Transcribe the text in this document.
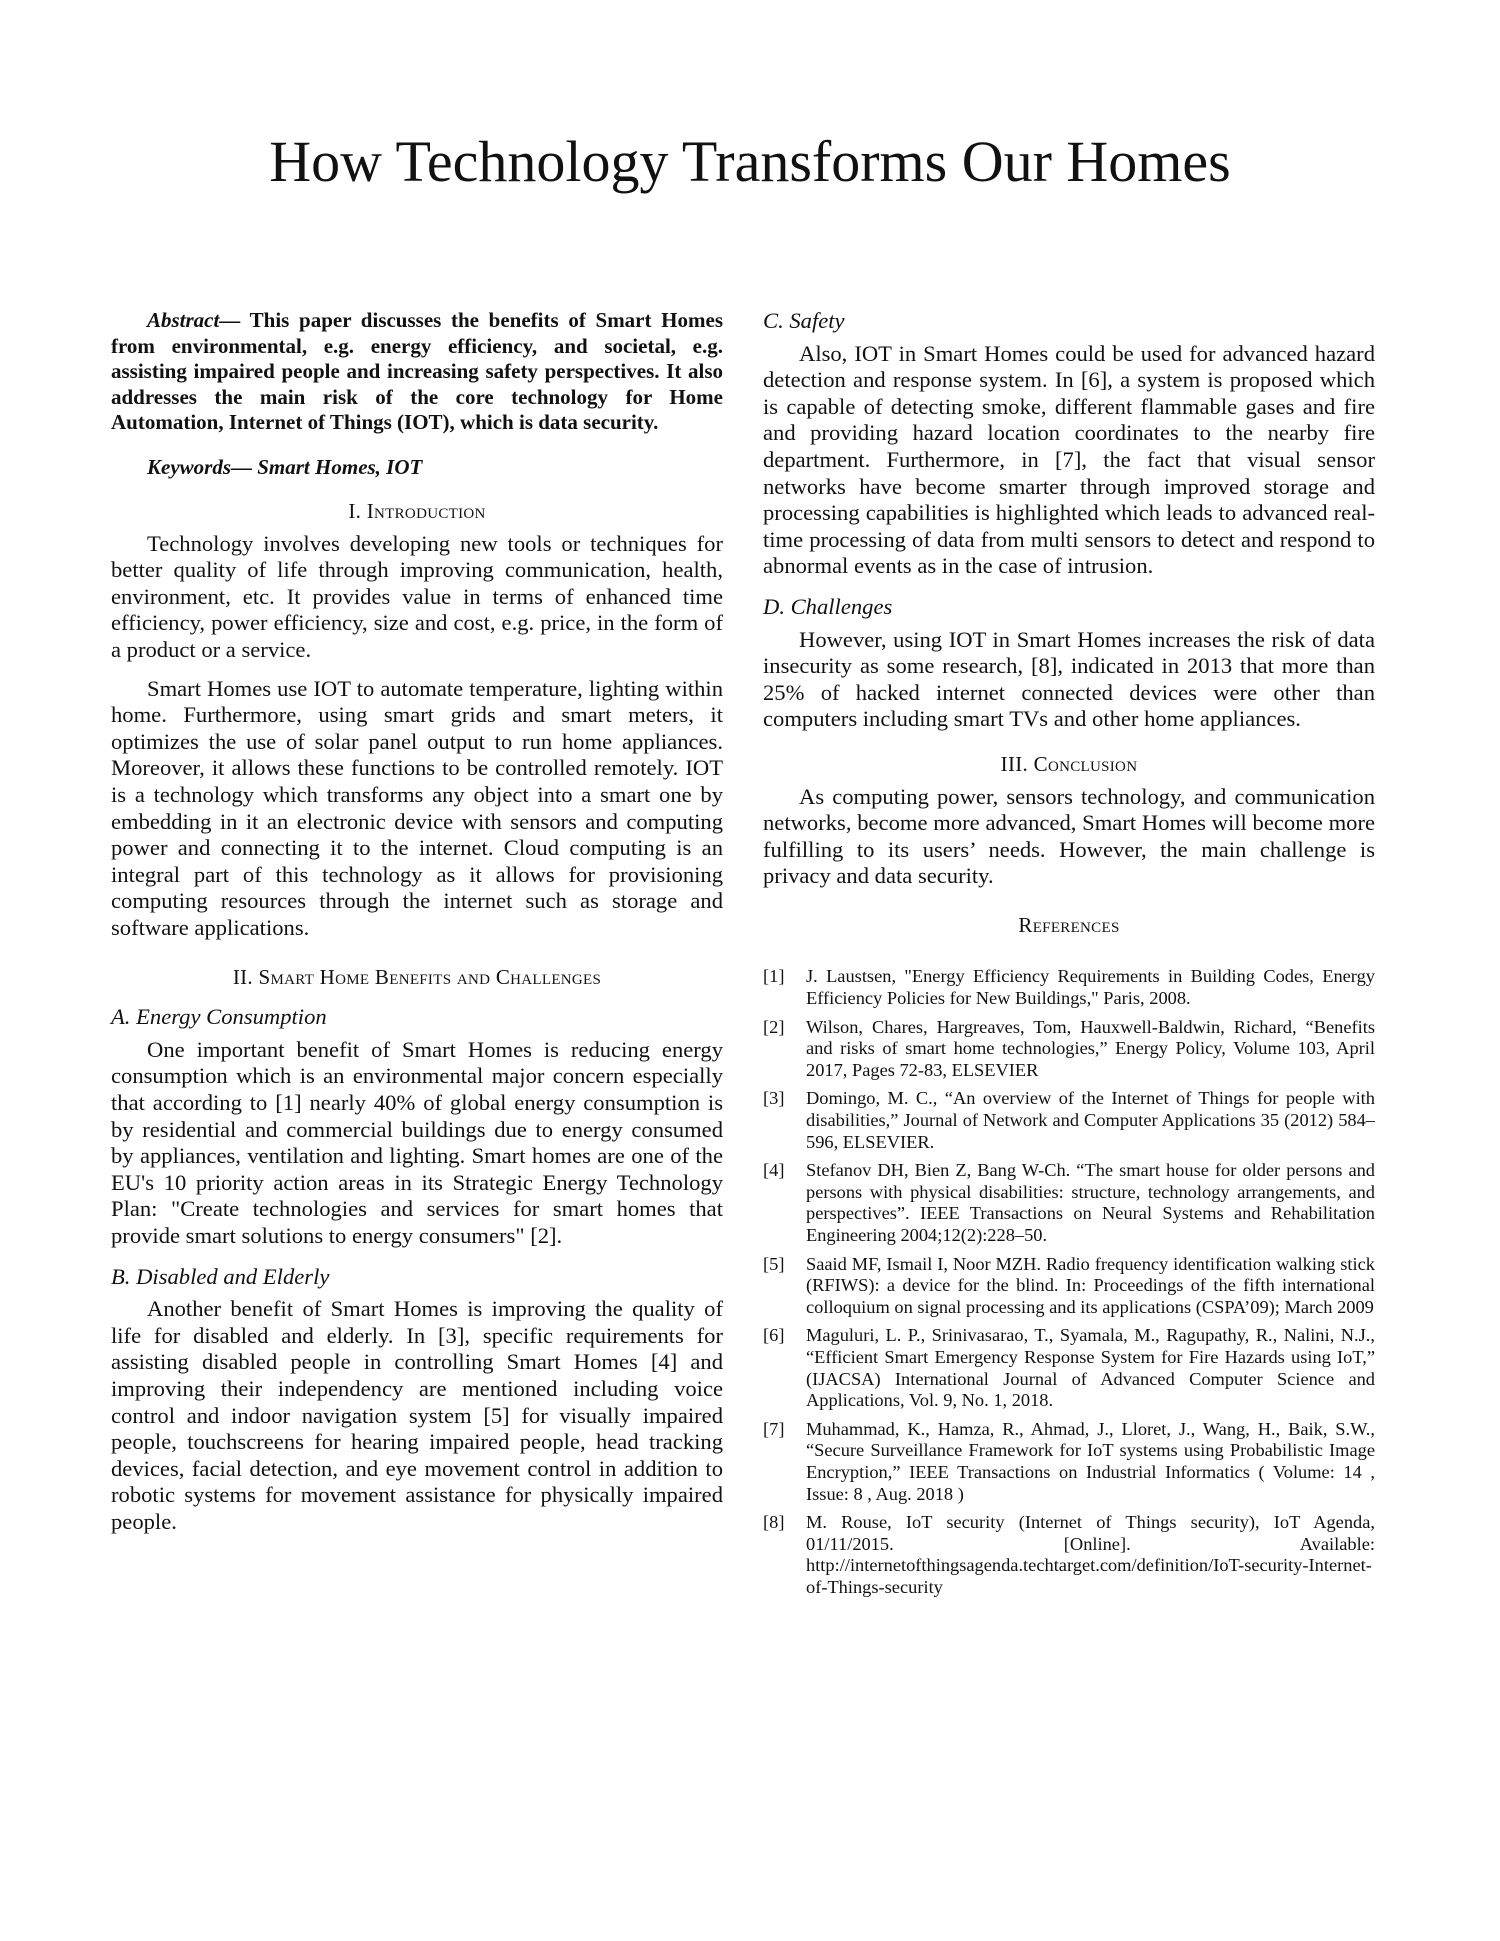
How Technology Transforms Our Homes

Abstract— This paper discusses the benefits of Smart Homes from environmental, e.g. energy efficiency, and societal, e.g. assisting impaired people and increasing safety perspectives. It also addresses the main risk of the core technology for Home Automation, Internet of Things (IOT), which is data security.

Keywords— Smart Homes, IOT

I. Introduction

Technology involves developing new tools or techniques for better quality of life through improving communication, health, environment, etc. It provides value in terms of enhanced time efficiency, power efficiency, size and cost, e.g. price, in the form of a product or a service.

Smart Homes use IOT to automate temperature, lighting within home. Furthermore, using smart grids and smart meters, it optimizes the use of solar panel output to run home appliances. Moreover, it allows these functions to be controlled remotely. IOT is a technology which transforms any object into a smart one by embedding in it an electronic device with sensors and computing power and connecting it to the internet. Cloud computing is an integral part of this technology as it allows for provisioning computing resources through the internet such as storage and software applications.

II. Smart Home Benefits and Challenges
A. Energy Consumption

One important benefit of Smart Homes is reducing energy consumption which is an environmental major concern especially that according to [1] nearly 40% of global energy consumption is by residential and commercial buildings due to energy consumed by appliances, ventilation and lighting. Smart homes are one of the EU's 10 priority action areas in its Strategic Energy Technology Plan: "Create technologies and services for smart homes that provide smart solutions to energy consumers" [2].

B. Disabled and Elderly

Another benefit of Smart Homes is improving the quality of life for disabled and elderly. In [3], specific requirements for assisting disabled people in controlling Smart Homes [4] and improving their independency are mentioned including voice control and indoor navigation system [5] for visually impaired people, touchscreens for hearing impaired people, head tracking devices, facial detection, and eye movement control in addition to robotic systems for movement assistance for physically impaired people.

C. Safety

Also, IOT in Smart Homes could be used for advanced hazard detection and response system. In [6], a system is proposed which is capable of detecting smoke, different flammable gases and fire and providing hazard location coordinates to the nearby fire department. Furthermore, in [7], the fact that visual sensor networks have become smarter through improved storage and processing capabilities is highlighted which leads to advanced real-time processing of data from multi sensors to detect and respond to abnormal events as in the case of intrusion.

D. Challenges

However, using IOT in Smart Homes increases the risk of data insecurity as some research, [8], indicated in 2013 that more than 25% of hacked internet connected devices were other than computers including smart TVs and other home appliances.

III. Conclusion

As computing power, sensors technology, and communication networks, become more advanced, Smart Homes will become more fulfilling to its users’ needs. However, the main challenge is privacy and data security.

References
[1]	J. Laustsen, "Energy Efficiency Requirements in Building Codes, Energy Efficiency Policies for New Buildings," Paris, 2008.
[2]	Wilson, Chares, Hargreaves, Tom, Hauxwell-Baldwin, Richard, “Benefits and risks of smart home technologies,” Energy Policy, Volume 103, April 2017, Pages 72-83, ELSEVIER
[3]	Domingo, M. C., “An overview of the Internet of Things for people with disabilities,” Journal of Network and Computer Applications 35 (2012) 584–596, ELSEVIER.
[4]	Stefanov DH, Bien Z, Bang W-Ch. “The smart house for older persons and persons with physical disabilities: structure, technology arrangements, and perspectives”. IEEE Transactions on Neural Systems and Rehabilitation Engineering 2004;12(2):228–50.
[5]	Saaid MF, Ismail I, Noor MZH. Radio frequency identification walking stick (RFIWS): a device for the blind. In: Proceedings of the fifth international colloquium on signal processing and its applications (CSPA’09); March 2009
[6]	Maguluri, L. P., Srinivasarao, T., Syamala, M., Ragupathy, R., Nalini, N.J., “Efficient Smart Emergency Response System for Fire Hazards using IoT,” (IJACSA) International Journal of Advanced Computer Science and Applications, Vol. 9, No. 1, 2018.
[7]	Muhammad, K., Hamza, R., Ahmad, J., Lloret, J., Wang, H., Baik, S.W., “Secure Surveillance Framework for IoT systems using Probabilistic Image Encryption,” IEEE Transactions on Industrial Informatics ( Volume: 14 , Issue: 8 , Aug. 2018 )
[8]	M. Rouse, IoT security (Internet of Things security), IoT Agenda, 01/11/2015. [Online]. Available: http://internetofthingsagenda.techtarget.com/definition/IoT-security-Internet-of-Things-security
